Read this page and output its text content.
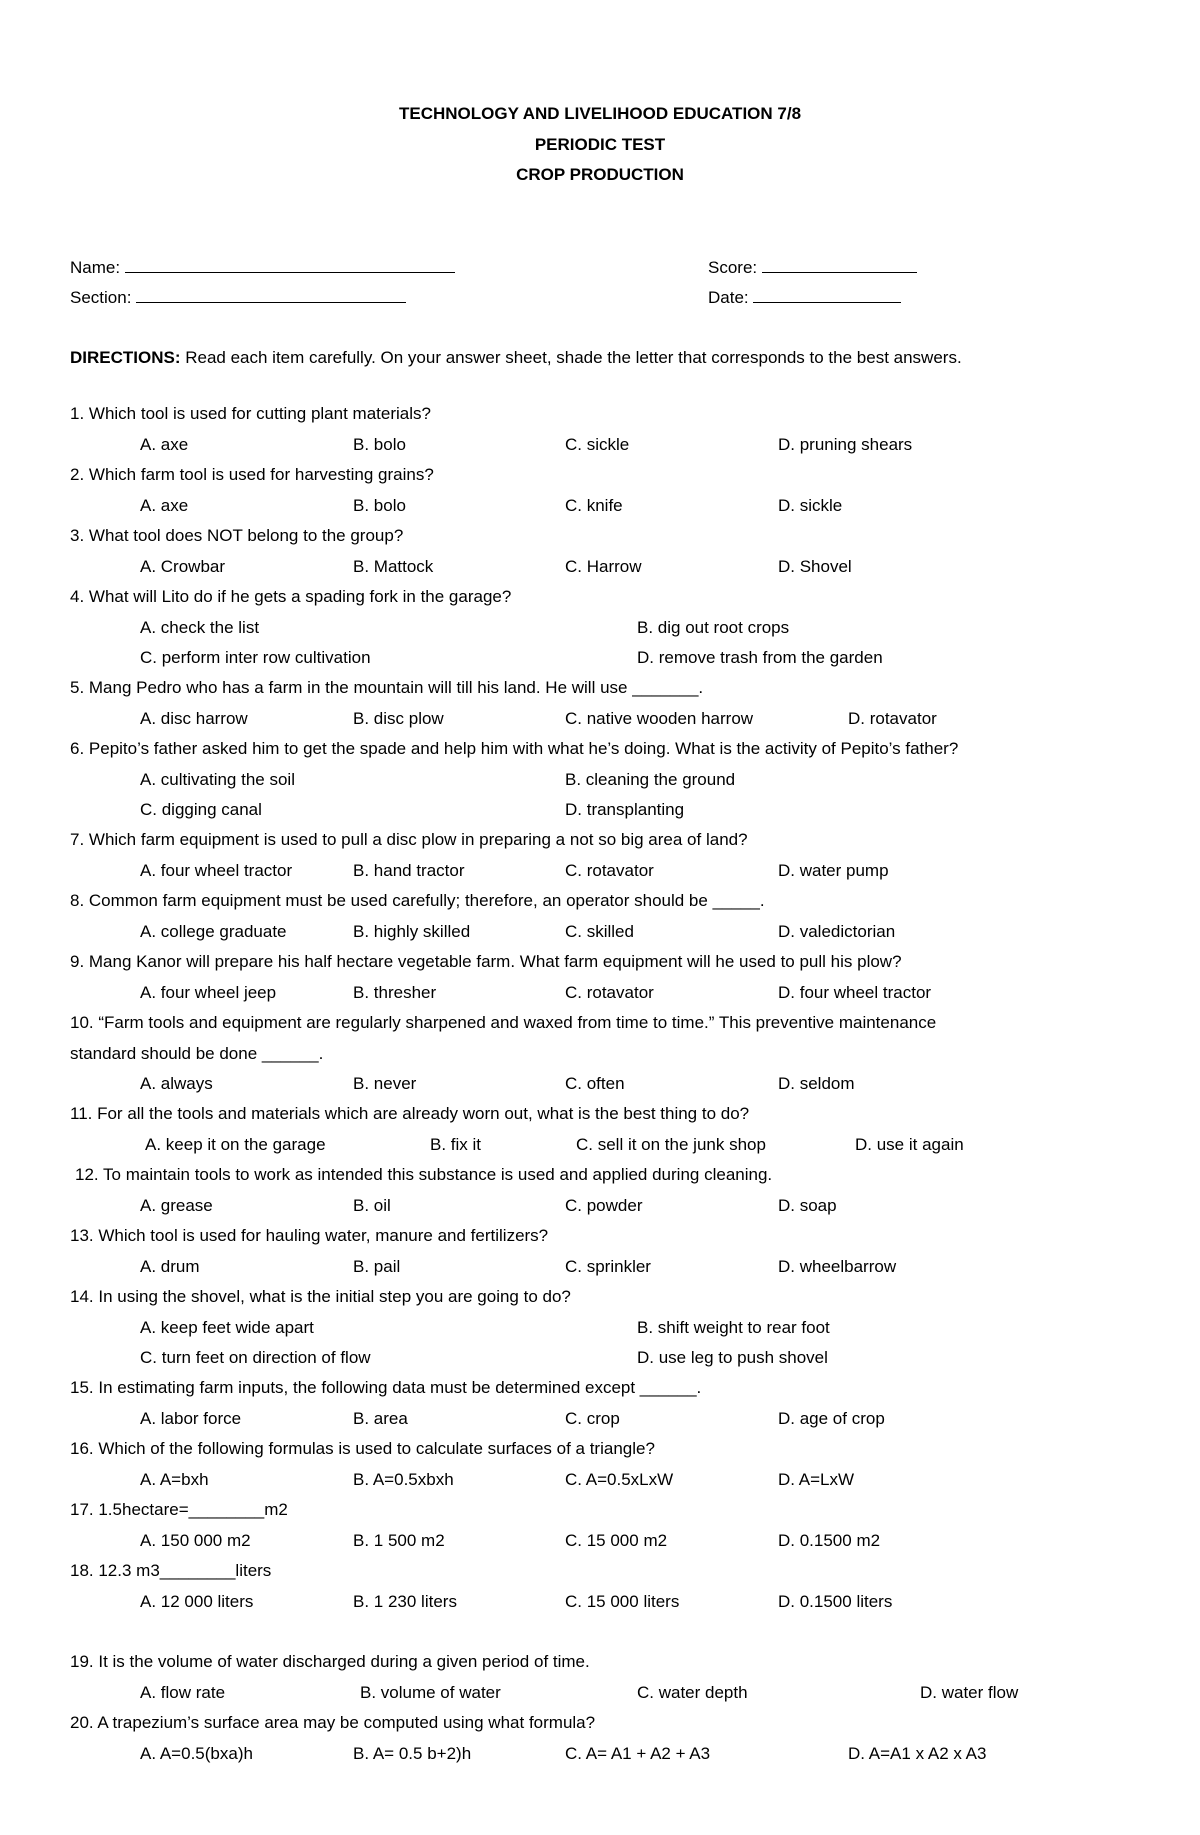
TECHNOLOGY AND LIVELIHOOD EDUCATION 7/8
PERIODIC TEST
CROP PRODUCTION
Name:	Score:
Section:	Date:
DIRECTIONS: Read each item carefully. On your answer sheet, shade the letter that corresponds to the best answers.
1. Which tool is used for cutting plant materials?
A. axe	B. bolo	C. sickle	D. pruning shears
2. Which farm tool is used for harvesting grains?
A. axe	B. bolo	C. knife	D. sickle
3. What tool does NOT belong to the group?
A. Crowbar	B. Mattock	C. Harrow	D. Shovel
4. What will Lito do if he gets a spading fork in the garage?
A. check the list	B. dig out root crops
C. perform inter row cultivation	D. remove trash from the garden
5. Mang Pedro who has a farm in the mountain will till his land. He will use _______.
A. disc harrow	B. disc plow	C. native wooden harrow	D. rotavator
6. Pepito’s father asked him to get the spade and help him with what he’s doing. What is the activity of Pepito’s father?
A. cultivating the soil	B. cleaning the ground
C. digging canal	D. transplanting
7. Which farm equipment is used to pull a disc plow in preparing a not so big area of land?
A. four wheel tractor	B. hand tractor	C. rotavator	D. water pump
8. Common farm equipment must be used carefully; therefore, an operator should be _____.
A. college graduate	B. highly skilled	C. skilled	D. valedictorian
9. Mang Kanor will prepare his half hectare vegetable farm. What farm equipment will he used to pull his plow?
A. four wheel jeep	B. thresher	C. rotavator	D. four wheel tractor
10. “Farm tools and equipment are regularly sharpened and waxed from time to time.” This preventive maintenance
standard should be done ______.
A. always	B. never	C. often	D. seldom
11. For all the tools and materials which are already worn out, what is the best thing to do?
A. keep it on the garage	B. fix it	C. sell it on the junk shop	D. use it again
12. To maintain tools to work as intended this substance is used and applied during cleaning.
A. grease	B. oil	C. powder	D. soap
13. Which tool is used for hauling water, manure and fertilizers?
A. drum	B. pail	C. sprinkler	D. wheelbarrow
14. In using the shovel, what is the initial step you are going to do?
A. keep feet wide apart	B. shift weight to rear foot
C. turn feet on direction of flow	D. use leg to push shovel
15. In estimating farm inputs, the following data must be determined except ______.
A. labor force	B. area	C. crop	D. age of crop
16. Which of the following formulas is used to calculate surfaces of a triangle?
A. A=bxh	B. A=0.5xbxh	C. A=0.5xLxW	D. A=LxW
17. 1.5hectare=________m2
A. 150 000 m2	B. 1 500 m2	C. 15 000 m2	D. 0.1500 m2
18. 12.3 m3________liters
A. 12 000 liters	B. 1 230 liters	C. 15 000 liters	D. 0.1500 liters
19. It is the volume of water discharged during a given period of time.
A. flow rate	B. volume of water	C. water depth	D. water flow
20. A trapezium’s surface area may be computed using what formula?
A. A=0.5(bxa)h	B. A= 0.5 b+2)h	C. A= A1 + A2 + A3	D. A=A1 x A2 x A3
